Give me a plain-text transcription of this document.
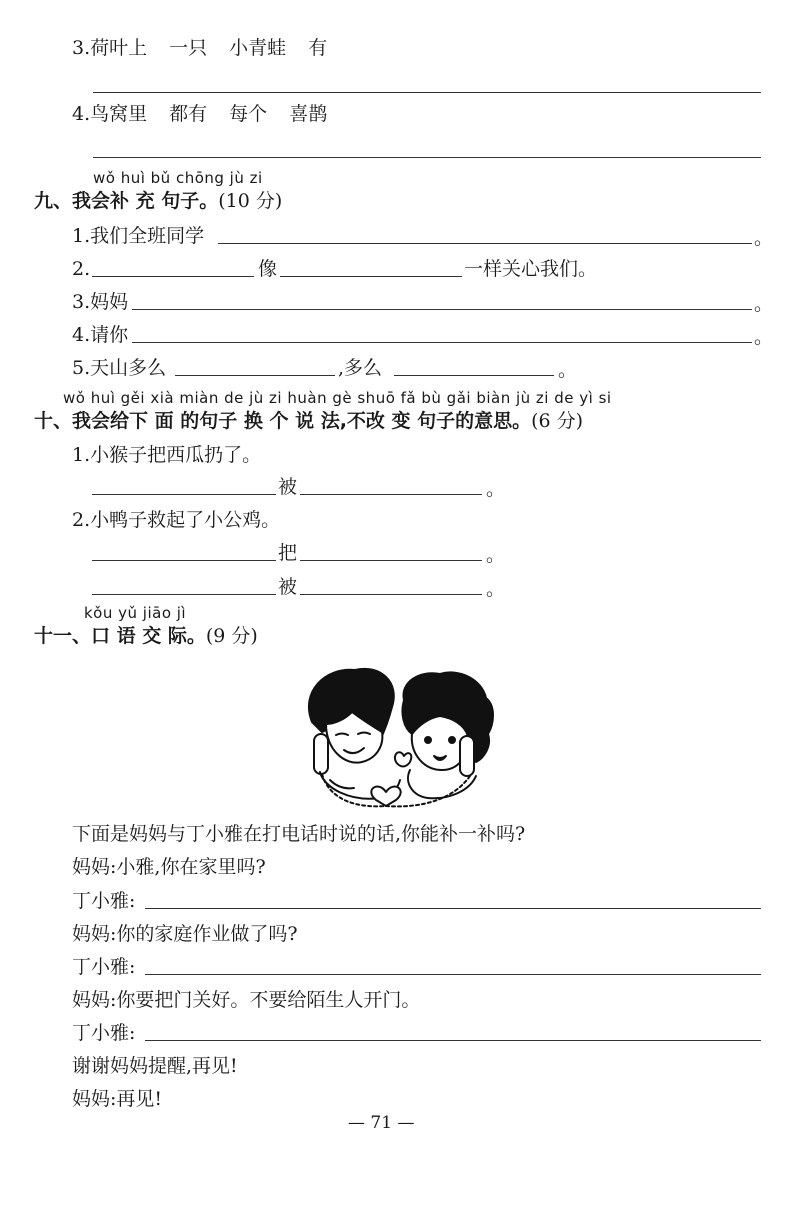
3.荷叶上 一只 小青蛙 有
4.鸟窝里 都有 每个 喜鹊
wǒ huì bǔ chōng jù zi
九、我会补 充 句子。(10 分)
1.我们全班同学	。
2.	像	一样关心我们。
3.妈妈	。
4.请你	。
5.天山多么	,多么	。
wǒ huì gěi xià miàn de jù zi huàn gè shuō fǎ bù gǎi biàn jù zi de yì si
十、我会给下 面 的句子 换 个 说 法,不改 变 句子的意思。(6 分)
1.小猴子把西瓜扔了。
被	。
2.小鸭子救起了小公鸡。
把	。
被	。
kǒu yǔ jiāo jì
十一、口 语 交 际。(9 分)
下面是妈妈与丁小雅在打电话时说的话,你能补一补吗?
妈妈:小雅,你在家里吗?
丁小雅:
妈妈:你的家庭作业做了吗?
丁小雅:
妈妈:你要把门关好。不要给陌生人开门。
丁小雅:
谢谢妈妈提醒,再见!
妈妈:再见!
— 71 —
